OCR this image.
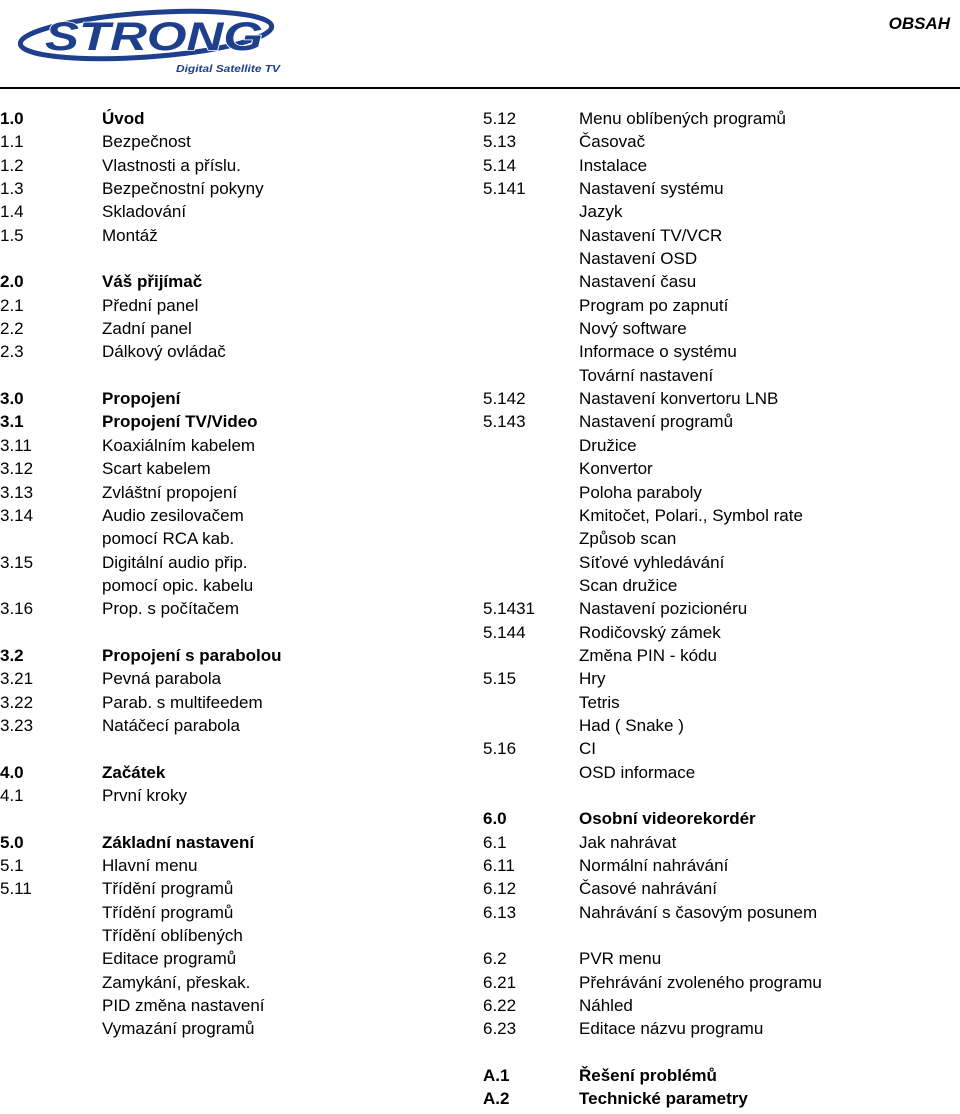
STRONG
Digital Satellite TV
OBSAH
1.0	Úvod
1.1	Bezpečnost
1.2	Vlastnosti a příslu.
1.3	Bezpečnostní pokyny
1.4	Skladování
1.5	Montáž
2.0	Váš přijímač
2.1	Přední panel
2.2	Zadní panel
2.3	Dálkový ovládač
3.0	Propojení
3.1	Propojení TV/Video
3.11	Koaxiálním kabelem
3.12	Scart kabelem
3.13	Zvláštní propojení
3.14	Audio zesilovačem
pomocí RCA kab.
3.15	Digitální audio přip.
pomocí opic. kabelu
3.16	Prop. s počítačem
3.2	Propojení s parabolou
3.21	Pevná parabola
3.22	Parab. s multifeedem
3.23	Natáčecí parabola
4.0	Začátek
4.1	První kroky
5.0	Základní nastavení
5.1	Hlavní menu
5.11	Třídění programů
Třídění programů
Třídění oblíbených
Editace programů
Zamykání, přeskak.
PID změna nastavení
Vymazání programů
5.12	Menu oblíbených programů
5.13	Časovač
5.14	Instalace
5.141	Nastavení systému
Jazyk
Nastavení TV/VCR
Nastavení OSD
Nastavení času
Program po zapnutí
Nový software
Informace o systému
Tovární nastavení
5.142	Nastavení konvertoru LNB
5.143	Nastavení programů
Družice
Konvertor
Poloha paraboly
Kmitočet, Polari., Symbol rate
Způsob scan
Síťové vyhledávání
Scan družice
5.1431	Nastavení pozicionéru
5.144	Rodičovský zámek
Změna PIN - kódu
5.15	Hry
Tetris
Had ( Snake )
5.16	CI
OSD informace
6.0	Osobní videorekordér
6.1	Jak nahrávat
6.11	Normální nahrávání
6.12	Časové nahrávání
6.13	Nahrávání s časovým posunem
6.2	PVR menu
6.21	Přehrávání zvoleného programu
6.22	Náhled
6.23	Editace názvu programu
A.1	Řešení problémů
A.2	Technické parametry
